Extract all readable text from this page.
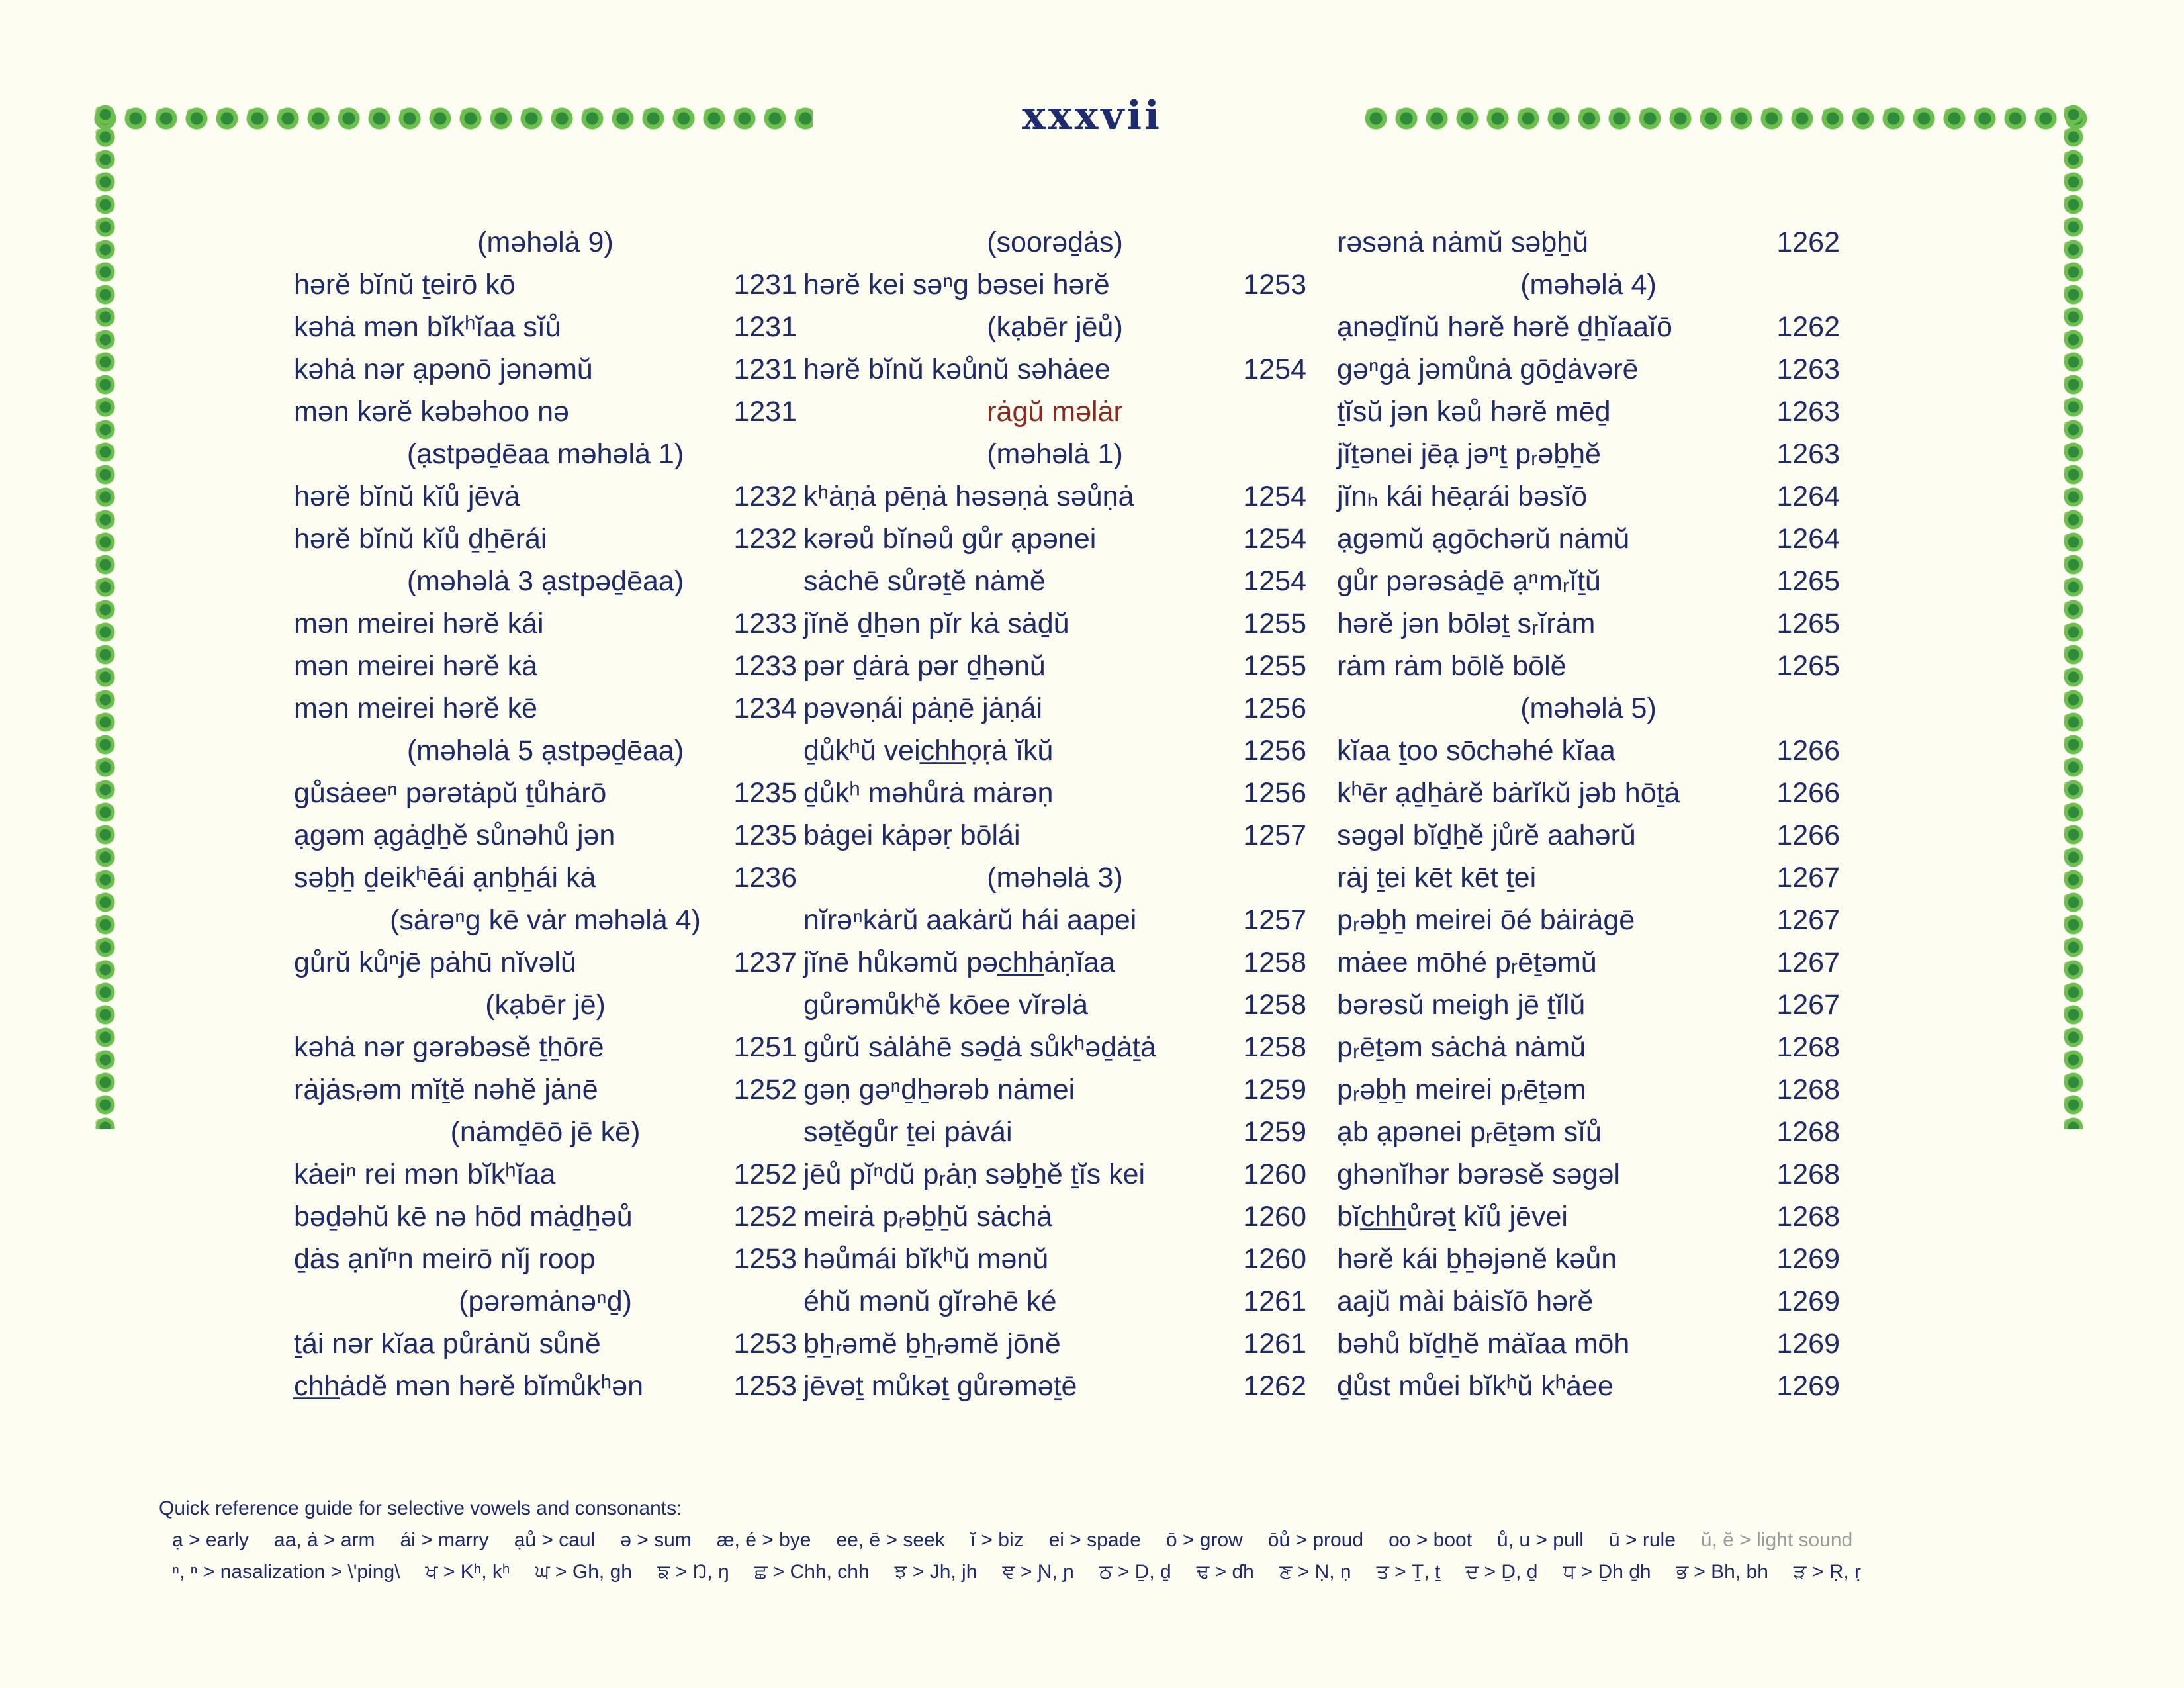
xxxvii
(məhəlȧ 9)
hərĕ bĭnŭ ṯeirō kō	1231
kəhȧ mən bĭkʰĭaa sĭů	1231
kəhȧ nər ạpənō jənəmŭ	1231
mən kərĕ kəbəhoo nə	1231
(ạstpəḏēaa məhəlȧ 1)
hərĕ bĭnŭ kĭů jēvȧ	1232
hərĕ bĭnŭ kĭů ḏẖērái	1232
(məhəlȧ 3 ạstpəḏēaa)
mən meirei hərĕ kái	1233
mən meirei hərĕ kȧ	1233
mən meirei hərĕ kē	1234
(məhəlȧ 5 ạstpəḏēaa)
gůsȧeeⁿ pərətȧpŭ ṯůhȧrō	1235
ạgəm ạgȧḏẖĕ sůnəhů jən	1235
səḇẖ ḏeikʰēái ạnḇẖái kȧ	1236
(sȧrəⁿg kē vȧr məhəlȧ 4)
gůrŭ kůⁿjē pȧhū nĭvəlŭ	1237
(kạbēr jē)
kəhȧ nər gərəbəsĕ ṯẖōrē	1251
rȧjȧsᵣəm mĭṯĕ nəhĕ jȧnē	1252
(nȧmḏēō jē kē)
kȧeiⁿ rei mən bĭkʰĭaa	1252
bəḏəhŭ kē nə hōd mȧḏẖəů	1252
ḏȧs ạnĭⁿn meirō nĭj roop	1253
(pərəmȧnəⁿḏ)
ṯái nər kĭaa půrȧnŭ sůnĕ	1253
c̲h̲h̲ȧdĕ mən hərĕ bĭmůkʰən	1253
(soorəḏȧs)
hərĕ kei səⁿg bəsei hərĕ	1253
(kạbēr jēů)
hərĕ bĭnŭ kəůnŭ səhȧee	1254
rȧgŭ məlȧr
(məhəlȧ 1)
kʰȧṇȧ pēṇȧ həsəṇȧ səůṇȧ	1254
kərəů bĭnəů gůr ạpənei	1254
sȧchē sůrəṯĕ nȧmĕ	1254
jĭnĕ ḏẖən pĭr kȧ sȧḏŭ	1255
pər ḏȧrȧ pər ḏẖənŭ	1255
pəvəṇái pȧṇē jȧṇái	1256
ḏůkʰŭ veic̲h̲h̲ọṛȧ ĭkŭ	1256
ḏůkʰ məhůrȧ mȧrəṇ	1256
bȧgei kȧpəṛ bōlái	1257
(məhəlȧ 3)
nĭrəⁿkȧrŭ aakȧrŭ hái aapei	1257
jĭnē hůkəmŭ pəc̲h̲h̲ȧṇĭaa	1258
gůrəmůkʰĕ kōee vĭrəlȧ	1258
gůrŭ sȧlȧhē səḏȧ sůkʰəḏȧṯȧ	1258
gəṇ gəⁿḏẖərəb nȧmei	1259
səṯĕgůr ṯei pȧvái	1259
jēů pĭⁿdŭ pᵣȧṇ səḇẖĕ ṯĭs kei	1260
meirȧ pᵣəḇẖŭ sȧchȧ	1260
həůmái bĭkʰŭ mənŭ	1260
éhŭ mənŭ gĭrəhē ké	1261
ḇẖᵣəmĕ ḇẖᵣəmĕ jōnĕ	1261
jēvəṯ můkəṯ gůrəməṯē	1262
rəsənȧ nȧmŭ səḇẖŭ	1262
(məhəlȧ 4)
ạnəḏĭnŭ hərĕ hərĕ ḏẖĭaaĭō	1262
gəⁿgȧ jəmůnȧ gōḏȧvərē	1263
ṯĭsŭ jən kəů hərĕ mēḏ	1263
jĭṯənei jēạ jəⁿṯ pᵣəḇẖĕ	1263
jĭnₕ kái hēạrái bəsĭō	1264
ạgəmŭ ạgōchərŭ nȧmŭ	1264
gůr pərəsȧḏē ạⁿmᵣĭṯŭ	1265
hərĕ jən bōləṯ sᵣĭrȧm	1265
rȧm rȧm bōlĕ bōlĕ	1265
(məhəlȧ 5)
kĭaa ṯoo sōchəhé kĭaa	1266
kʰēr ạḏẖȧrĕ bȧrĭkŭ jəb hōṯȧ	1266
səgəl bĭḏẖĕ jůrĕ aahərŭ	1266
rȧj ṯei kēt kēt ṯei	1267
pᵣəḇẖ meirei ōé bȧirȧgē	1267
mȧee mōhé pᵣēṯəmŭ	1267
bərəsŭ meigh jē ṯĭlŭ	1267
pᵣēṯəm sȧchȧ nȧmŭ	1268
pᵣəḇẖ meirei pᵣēṯəm	1268
ạb ạpənei pᵣēṯəm sĭů	1268
ghənĭhər bərəsĕ səgəl	1268
bĭc̲h̲h̲ůrəṯ kĭů jēvei	1268
hərĕ kái ḇẖəjənĕ kəůn	1269
aajŭ mài bȧisĭō hərĕ	1269
bəhů bĭḏẖĕ mȧĭaa mōh	1269
ḏůst můei bĭkʰŭ kʰȧee	1269
Quick reference guide for selective vowels and consonants:
ạ > early aa, ȧ > arm ái > marry ạů > caul ə > sum æ, é > bye ee, ē > seek ĭ > biz ei > spade ō > grow ōů > proud oo > boot ů, u > pull ū > rule ŭ, ĕ > light sound
ⁿ, ⁿ > nasalization > \'ping\ ਖ > Kʰ, kʰ ਘ > Gh, gh ਙ > Ŋ, ŋ ਛ > Chh, chh ਝ > Jh, jh ਞ > Ɲ, ɲ ਠ > Ḏ, ḏ ਢ > ɗh ਣ > Ṇ, ṇ ਤ > Ṯ, ṯ ਦ > Ḏ, ḏ ਧ > Ḏh ḏh ਭ > Bh, bh ੜ > Ṛ, ṛ
